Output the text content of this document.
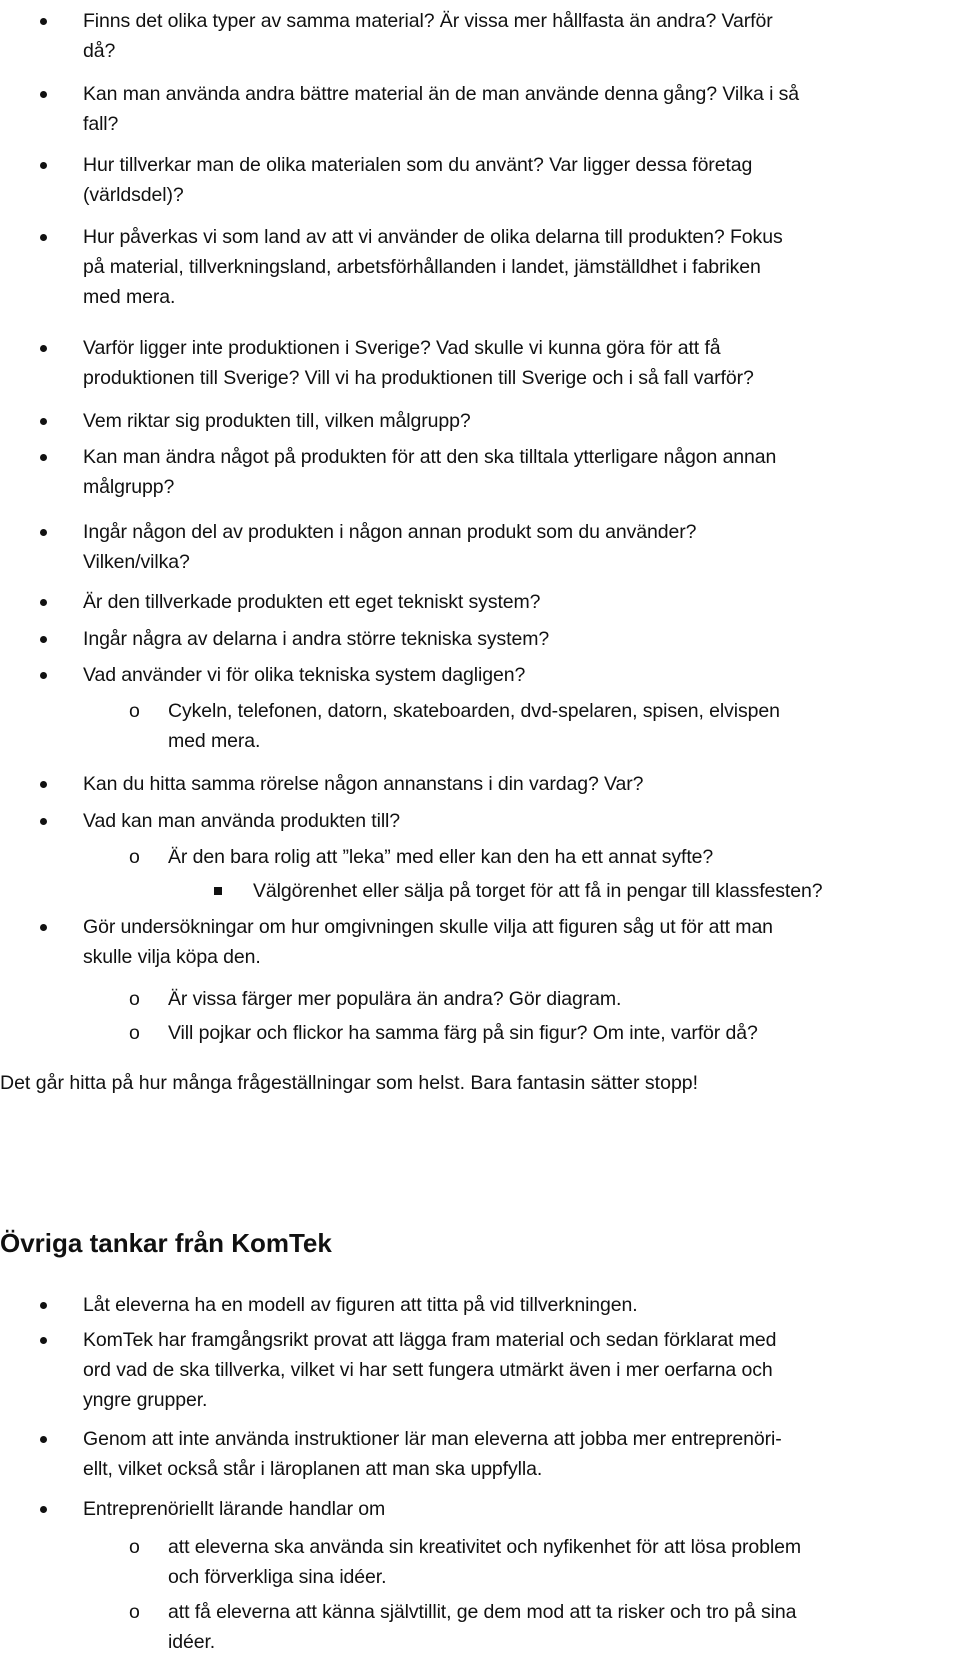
Finns det olika typer av samma material? Är vissa mer hållfasta än andra? Varför
då?
Kan man använda andra bättre material än de man använde denna gång? Vilka i så
fall?
Hur tillverkar man de olika materialen som du använt? Var ligger dessa företag
(världsdel)?
Hur påverkas vi som land av att vi använder de olika delarna till produkten? Fokus
på material, tillverkningsland, arbetsförhållanden i landet, jämställdhet i fabriken
med mera.
Varför ligger inte produktionen i Sverige? Vad skulle vi kunna göra för att få
produktionen till Sverige? Vill vi ha produktionen till Sverige och i så fall varför?
Vem riktar sig produkten till, vilken målgrupp?
Kan man ändra något på produkten för att den ska tilltala ytterligare någon annan
målgrupp?
Ingår någon del av produkten i någon annan produkt som du använder?
Vilken/vilka?
Är den tillverkade produkten ett eget tekniskt system?
Ingår några av delarna i andra större tekniska system?
Vad använder vi för olika tekniska system dagligen?
o Cykeln, telefonen, datorn, skateboarden, dvd-spelaren, spisen, elvispen
med mera.
Kan du hitta samma rörelse någon annanstans i din vardag? Var?
Vad kan man använda produkten till?
o Är den bara rolig att ”leka” med eller kan den ha ett annat syfte?
Välgörenhet eller sälja på torget för att få in pengar till klassfesten?
Gör undersökningar om hur omgivningen skulle vilja att figuren såg ut för att man
skulle vilja köpa den.
o Är vissa färger mer populära än andra? Gör diagram.
o Vill pojkar och flickor ha samma färg på sin figur? Om inte, varför då?
Det går hitta på hur många frågeställningar som helst. Bara fantasin sätter stopp!
Övriga tankar från KomTek
Låt eleverna ha en modell av figuren att titta på vid tillverkningen.
KomTek har framgångsrikt provat att lägga fram material och sedan förklarat med
ord vad de ska tillverka, vilket vi har sett fungera utmärkt även i mer oerfarna och
yngre grupper.
Genom att inte använda instruktioner lär man eleverna att jobba mer entreprenöri-
ellt, vilket också står i läroplanen att man ska uppfylla.
Entreprenöriellt lärande handlar om
o att eleverna ska använda sin kreativitet och nyfikenhet för att lösa problem
och förverkliga sina idéer.
o att få eleverna att känna självtillit, ge dem mod att ta risker och tro på sina
idéer.
